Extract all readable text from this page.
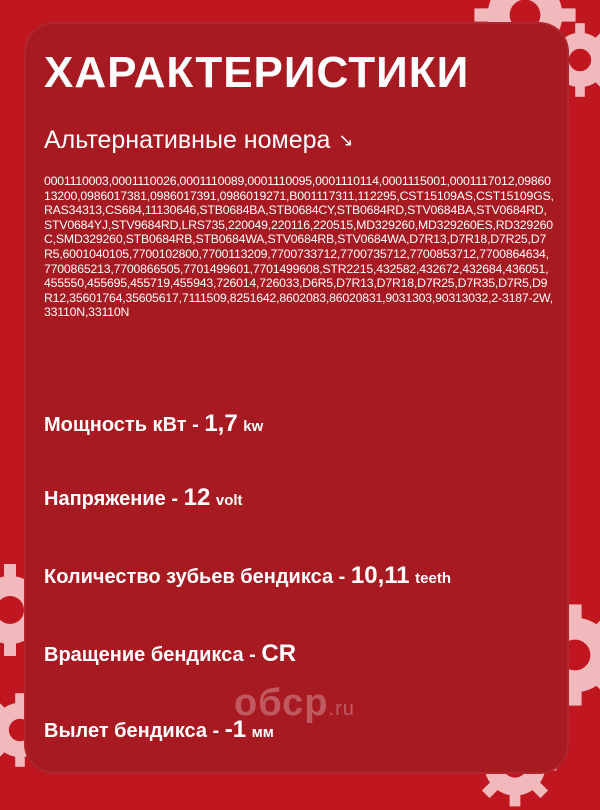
ХАРАКТЕРИСТИКИ
Альтернативные номера ↘

0001110003,0001110026,0001110089,0001110095,0001110114,0001115001,0001117012,0986013200,0986017381,0986017391,0986019271,B001117311,112295,CST15109AS,CST15109GS,RAS34313,CS684,11130646,STB0684BA,STB0684CY,STB0684RD,STV0684BA,STV0684RD,STV0684YJ,STV9684RD,LRS735,220049,220116,220515,MD329260,MD329260ES,RD329260C,SMD329260,STB0684RB,STB0684WA,STV0684RB,STV0684WA,D7R13,D7R18,D7R25,D7R5,6001040105,7700102800,7700113209,7700733712,7700735712,7700853712,7700864634,7700865213,7700866505,7701499601,7701499608,STR2215,432582,432672,432684,436051,455550,455695,455719,455943,726014,726033,D6R5,D7R13,D7R18,D7R25,D7R35,D7R5,D9R12,35601764,35605617,7111509,8251642,8602083,86020831,9031303,90313032,2-3187-2W,33110N,33110N

Мощность кВт - 1,7 kw

Напряжение - 12 volt

Количество зубьев бендикса - 10,11 teeth

Вращение бендикса - CR

обср.ru

Вылет бендикса - -1 мм
